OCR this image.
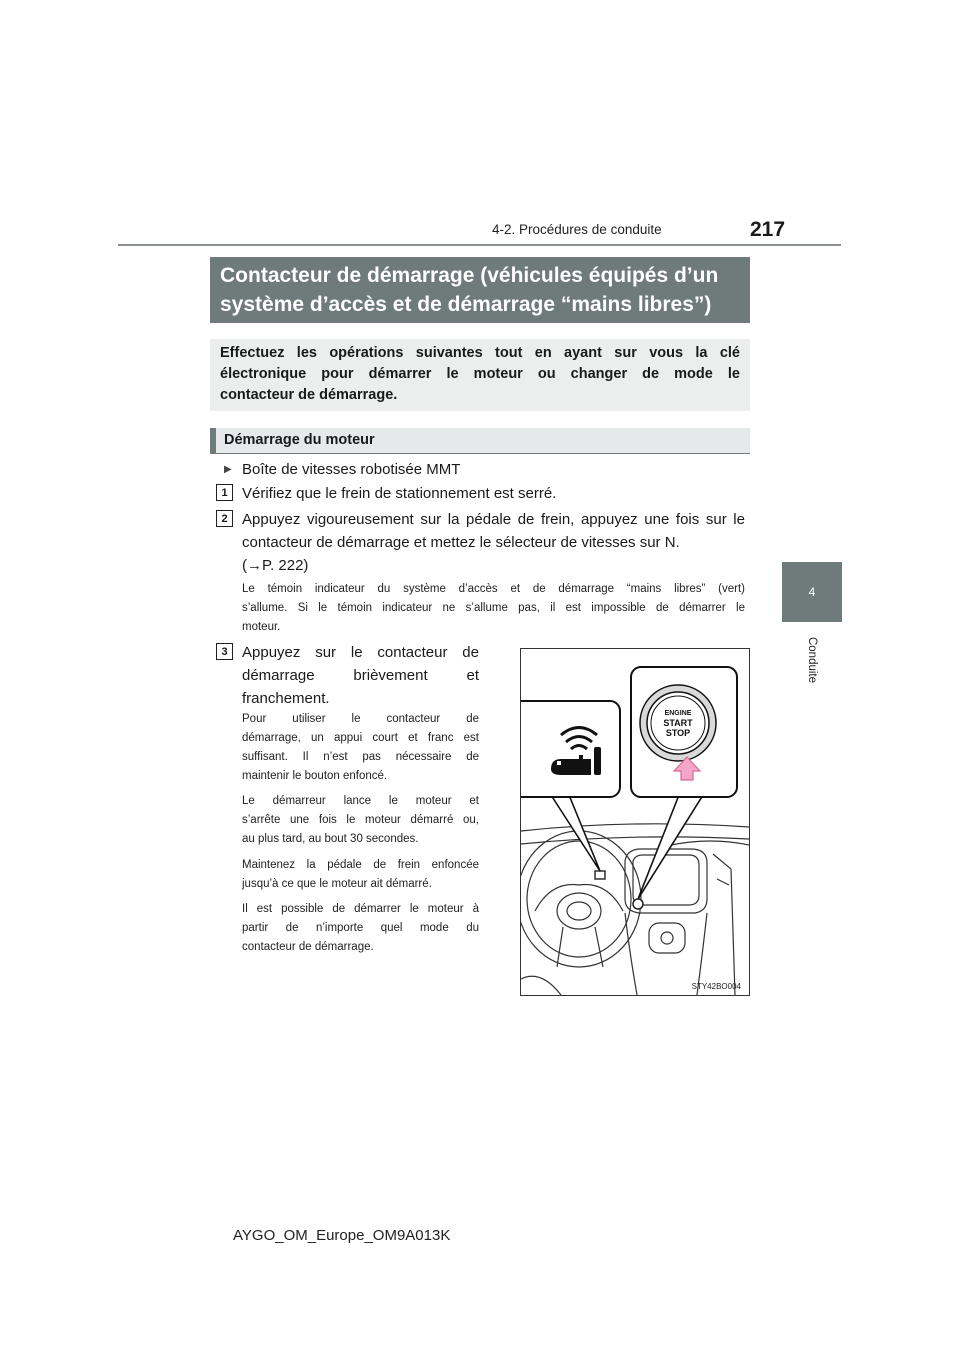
217
4-2. Procédures de conduite
4
Conduite
Contacteur de démarrage (véhicules équipés d’un
système d’accès et de démarrage “mains libres”)
Effectuez les opérations suivantes tout en ayant sur vous la clé
électronique pour démarrer le moteur ou changer de mode le
contacteur de démarrage.
Démarrage du moteur
▶ Boîte de vitesses robotisée MMT
1 Vérifiez que le frein de stationnement est serré.
2 Appuyez vigoureusement sur la pédale de frein, appuyez une fois sur le
contacteur de démarrage et mettez le sélecteur de vitesses sur N.
(→P. 222)
Le témoin indicateur du système d’accès et de démarrage “mains libres” (vert)
s’allume. Si le témoin indicateur ne s’allume pas, il est impossible de démarrer le
moteur.
3 Appuyez sur le contacteur de
démarrage brièvement et
franchement.
Pour utiliser le contacteur de
démarrage, un appui court et franc est
suffisant. Il n’est pas nécessaire de
maintenir le bouton enfoncé.
Le démarreur lance le moteur et
s’arrête une fois le moteur démarré ou,
au plus tard, au bout 30 secondes.
Maintenez la pédale de frein enfoncée
jusqu’à ce que le moteur ait démarré.
Il est possible de démarrer le moteur à
partir de n’importe quel mode du
contacteur de démarrage.
ENGINE
START
STOP
STY42BO004
AYGO_OM_Europe_OM9A013K
